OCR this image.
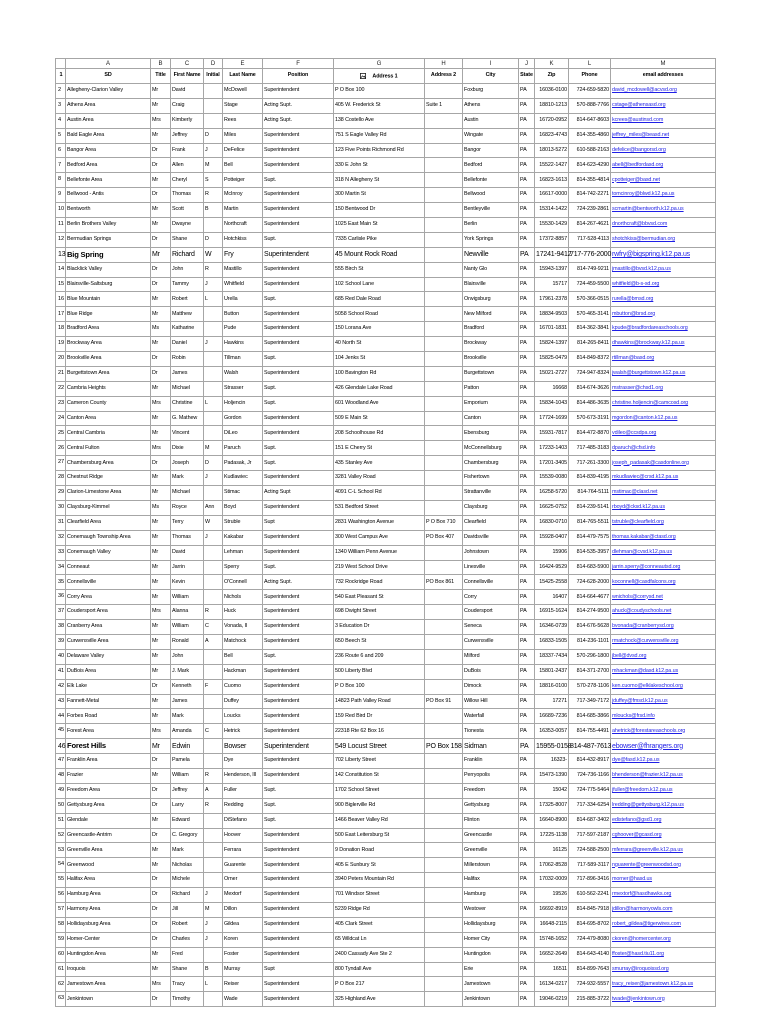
	A	B	C	D	E	F	G	H	I	J	K	L	M
1	SD	Title	First Name	Initial	Last Name	Position	Address 1	Address 2	City	State	Zip	Phone	email addresses
2	Allegheny-Clarion Valley	Mr	David		McDowell	Superintendent	P O Box 100		Foxburg	PA	16036-0100	724-659-5820	david_mcdowell@acvsd.org
3	Athens Area	Mr	Craig		Stage	Acting Supt.	405 W. Frederick St	Suite 1	Athens	PA	18810-1213	570-888-7766	cstage@athensasd.org
4	Austin Area	Mrs	Kimberly		Rees	Acting Supt.	138 Costello Ave		Austin	PA	16720-0952	814-647-8603	kcrees@austinsd.com
5	Bald Eagle Area	Mr	Jeffrey	D	Miles	Superintendent	751 S Eagle Valley Rd		Wingate	PA	16823-4743	814-355-4860	jeffrey_miles@beasd.net
6	Bangor Area	Dr	Frank	J	DeFelice	Superintendent	123 Five Points Richmond Rd		Bangor	PA	18013-5272	610-588-2163	defelice@bangorsd.org
7	Bedford Area	Dr	Allen	M	Bell	Superintendent	330 E John St		Bedford	PA	15522-1427	814-623-4290	abell@bedfordasd.org
8	Bellefonte Area	Mr	Cheryl	S	Potteiger	Supt.	318 N Allegheny St		Bellefonte	PA	16823-1613	814-355-4814	cpotteiger@basd.net
9	Bellwood - Antis	Dr	Thomas	R	McInroy	Superintendent	300 Martin St		Bellwood	PA	16617-0000	814-742-2271	tomcinroy@blwd.k12.pa.us
10	Bentworth	Mr	Scott	B	Martin	Superintendent	150 Bentwood Dr		Bentleyville	PA	15314-1422	724-239-2861	scmartin@bentworth.k12.pa.us
11	Berlin Brothers Valley	Mr	Dwayne		Northcraft	Superintendent	1025 East Main St		Berlin	PA	15530-1429	814-267-4621	dnorthcraft@bbvsd.com
12	Bermudian Springs	Dr	Shane	D	Hotchkiss	Supt.	7335 Carlisle Pike		York Springs	PA	17372-8857	717-528-4113	shotchkiss@bermudian.org
13	Big Spring	Mr	Richard	W	Fry	Superintendent	45 Mount Rock Road		Newville	PA	17241-9412	717-776-2000	rwfry@bigspring.k12.pa.us
14	Blacklick Valley	Dr	John	R	Mastillo	Superintendent	555 Birch St		Nanty Glo	PA	15943-1397	814-749-9211	jmastillo@bvsd.k12.pa.us
15	Blairsville-Saltsburg	Dr	Tammy	J	Whitfield	Superintendent	102 School Lane		Blairsville	PA	15717	724-459-5500	whitfield@b-s-sd.org
16	Blue Mountain	Mr	Robert	L	Urella	Supt.	685 Red Dale Road		Orwigsburg	PA	17961-2378	570-366-0515	rurella@bmsd.org
17	Blue Ridge	Mr	Matthew		Button	Superintendent	5058 School Road		New Milford	PA	18834-9503	570-465-3141	mbutton@brsd.org
18	Bradford Area	Ms	Katharine		Pude	Superintendent	150 Lorana Ave		Bradford	PA	16701-1831	814-362-3841	kpude@bradfordareaschools.org
19	Brockway Area	Mr	Daniel	J	Hawkins	Superintendent	40 North St		Brockway	PA	15824-1397	814-265-8411	dhawkins@brockway.k12.pa.us
20	Brookville Area	Dr	Robin		Tillman	Supt.	104 Jenks St		Brookville	PA	15825-0479	814-849-8372	rtillman@basd.org
21	Burgettstown Area	Dr	James		Walsh	Superintendent	100 Bavington Rd		Burgettstown	PA	15021-2727	724-947-8324	jwalsh@burgettstown.k12.pa.us
22	Cambria Heights	Mr	Michael		Strasser	Supt.	426 Glendale Lake Road		Patton	PA	16668	814-674-3626	mstrasser@chsd1.org
23	Cameron County	Mrs	Christine	L	Holjencin	Supt.	601 Woodland Ave		Emporium	PA	15834-1043	814-486-3635	christine.holjencin@camcosd.org
24	Canton Area	Mr	G. Mathew		Gordon	Superintendent	509 E Main St		Canton	PA	17724-1699	570-673-3191	mgordon@canton.k12.pa.us
25	Central Cambria	Mr	Vincent		DiLeo	Superintendent	208 Schoolhouse Rd		Ebensburg	PA	15931-7817	814-472-8870	vdileo@ccsdpa.org
26	Central Fulton	Mrs	Dixie	M	Paruch	Supt.	151 E Cherry St		McConnellsburg	PA	17233-1403	717-485-3183	dparuch@cfsd.info
27	Chambersburg Area	Dr	Joseph	D	Padasak, Jr	Supt.	435 Stanley Ave		Chambersburg	PA	17201-3405	717-261-3300	joseph_padasak@casdonline.org
28	Chestnut Ridge	Mr	Mark	J	Kudlawiec	Superintendent	3281 Valley Road		Fishertown	PA	15539-0080	814-839-4195	mkudlawiec@crsd.k12.pa.us
29	Clarion-Limestone Area	Mr	Michael		Stimac	Acting Supt	4091 C-L School Rd		Strattanville	PA	16258-5720	814-764-5111	mstimac@clasd.net
30	Claysburg-Kimmel	Ms	Royce	Ann	Boyd	Superintendent	531 Bedford Street		Claysburg	PA	16625-0752	814-239-5141	rboyd@cksd.k12.pa.us
31	Clearfield Area	Mr	Terry	W	Struble	Supt	2831 Washington Avenue	P O Box 710	Clearfield	PA	16830-0710	814-765-5511	tstruble@clearfield.org
32	Conemaugh Township Area	Mr	Thomas	J	Kakabar	Superintendent	300 West Campus Ave	PO Box 407	Davidsville	PA	15928-0407	814-479-7575	thomas.kakabar@ctasd.org
33	Conemaugh Valley	Mr	David		Lehman	Superintendent	1340 William Penn Avenue		Johnstown	PA	15906	814-535-3957	dlehman@cvsd.k12.pa.us
34	Conneaut	Mr	Jarrin		Sperry	Supt.	219 West School Drive		Linesville	PA	16424-9529	814-683-5900	jarrin.sperry@conneautsd.org
35	Connellsville	Mr	Kevin		O'Connell	Acting Supt.	732 Rockridge Road	PO Box 861	Connellsville	PA	15425-2558	724-628-2000	koconnell@casdfalcons.org
36	Corry Area	Mr	William		Nichols	Superintendent	540 East Pleasant St		Corry	PA	16407	814-664-4677	wnichols@corrysd.net
37	Coudersport Area	Mrs	Alanna	R	Huck	Superintendent	698 Dwight Street		Coudersport	PA	16915-1624	814-274-9500	ahuck@coudyschools.net
38	Cranberry Area	Mr	William	C	Vonada, II	Superintendent	3 Education Dr		Seneca	PA	16346-0739	814-676-5628	bvonada@cranberrysd.org
39	Curwensville Area	Mr	Ronald	A	Matchock	Superintendent	650 Beech St		Curwensville	PA	16833-1505	814-236-1101	rmatchock@curwensville.org
40	Delaware Valley	Mr	John		Bell	Supt.	236 Route 6 and 209		Milford	PA	18337-7434	570-296-1800	jbell@dvsd.org
41	DuBois Area	Mr	J. Mark		Hackman	Superintendent	500 Liberty Blvd		DuBois	PA	15801-2437	814-371-2700	mhackman@dasd.k12.pa.us
42	Elk Lake	Dr	Kenneth	F	Cuomo	Superintendent	P O Box 100		Dimock	PA	18816-0100	570-278-1106	ken.cuomo@elklakeschool.org
43	Fannett-Metal	Mr	James		Duffey	Superintendent	14823 Path Valley Road	PO Box 91	Willow Hill	PA	17271	717-349-7172	jduffey@fmsd.k12.pa.us
44	Forbes Road	Mr	Mark		Loucks	Superintendent	159 Red Bird Dr		Waterfall	PA	16689-7236	814-685-3866	mloucks@frsd.info
45	Forest Area	Mrs	Amanda	C	Hetrick	Superintendent	22318 Rte 62 Box 16		Tionesta	PA	16353-0057	814-755-4491	ahetrick@forestareaschools.org
46	Forest Hills	Mr	Edwin		Bowser	Superintendent	549 Locust Street	PO Box 158	Sidman	PA	15955-0158	814-487-7613	ebowser@fhrangers.org
47	Franklin Area	Dr	Pamela		Dye	Superintendent	702 Liberty Street		Franklin	PA	16323-	814-432-8917	dye@fasd.k12.pa.us
48	Frazier	Mr	William	R	Henderson, III	Superintendent	142 Constitution St		Perryopolis	PA	15473-1390	724-736-1166	bhenderson@frazier.k12.pa.us
49	Freedom Area	Dr	Jeffrey	A	Fuller	Supt.	1702 School Street		Freedom	PA	15042	724-775-5464	jfuller@freedom.k12.pa.us
50	Gettysburg Area	Dr	Larry	R	Redding	Supt.	900 Biglerville Rd		Gettysburg	PA	17325-8007	717-334-6254	lredding@gettysburg.k12.pa.us
51	Glendale	Mr	Edward		DiStefano	Supt.	1466 Beaver Valley Rd		Flinton	PA	16640-8900	814-687-3402	edistefano@gsd1.org
52	Greencastle-Antrim	Dr	C. Gregory		Hoover	Superintendent	500 East Leitersburg St		Greencastle	PA	17225-1138	717-597-2187	cghoover@gcasd.org
53	Greenville Area	Mr	Mark		Ferrara	Superintendent	9 Donation Road		Greenville	PA	16125	724-588-2500	mferrara@greenville.k12.pa.us
54	Greenwood	Mr	Nicholas		Guarente	Superintendent	405 E Sunbury St		Millerstown	PA	17062-8528	717-589-3117	nguarente@greenwoodsd.org
55	Halifax Area	Dr	Michele		Orner	Superintendent	3940 Peters Mountain Rd		Halifax	PA	17032-0009	717-896-3416	morner@hasd.us
56	Hamburg Area	Dr	Richard	J	Mextorf	Superintendent	701 Windsor Street		Hamburg	PA	19526	610-562-2241	rmextorf@hasdhawks.org
57	Harmony Area	Dr	Jill	M	Dillon	Superintendent	5239 Ridge Rd		Westover	PA	16692-8919	814-845-7918	jdillon@harmonyowls.com
58	Hollidaysburg Area	Dr	Robert	J	Gildea	Superintendent	405 Clark Street		Hollidaysburg	PA	16648-2115	814-695-8702	robert_gildea@tigerwires.com
59	Homer-Center	Dr	Charles	J	Koren	Superintendent	65 Wildcat Ln		Homer City	PA	15748-1652	724-479-8080	ckoren@homercenter.org
60	Huntingdon Area	Mr	Fred		Foster	Superintendent	2400 Cassady Ave Ste 2		Huntingdon	PA	16652-2649	814-643-4140	ffoster@hasd.tiu11.org
61	Iroquois	Mr	Shane	B	Murray	Supt	800 Tyndall Ave		Erie	PA	16511	814-899-7643	smurray@iroquoissd.org
62	Jamestown Area	Mrs	Tracy	L	Reiser	Superintendent	P O Box 217		Jamestown	PA	16134-0217	724-932-5557	tracy_reiser@jamestown.k12.pa.us
63	Jenkintown	Dr	Timothy		Wade	Superintendent	325 Highland Ave		Jenkintown	PA	19046-0219	215-885-3722	twade@jenkintown.org
